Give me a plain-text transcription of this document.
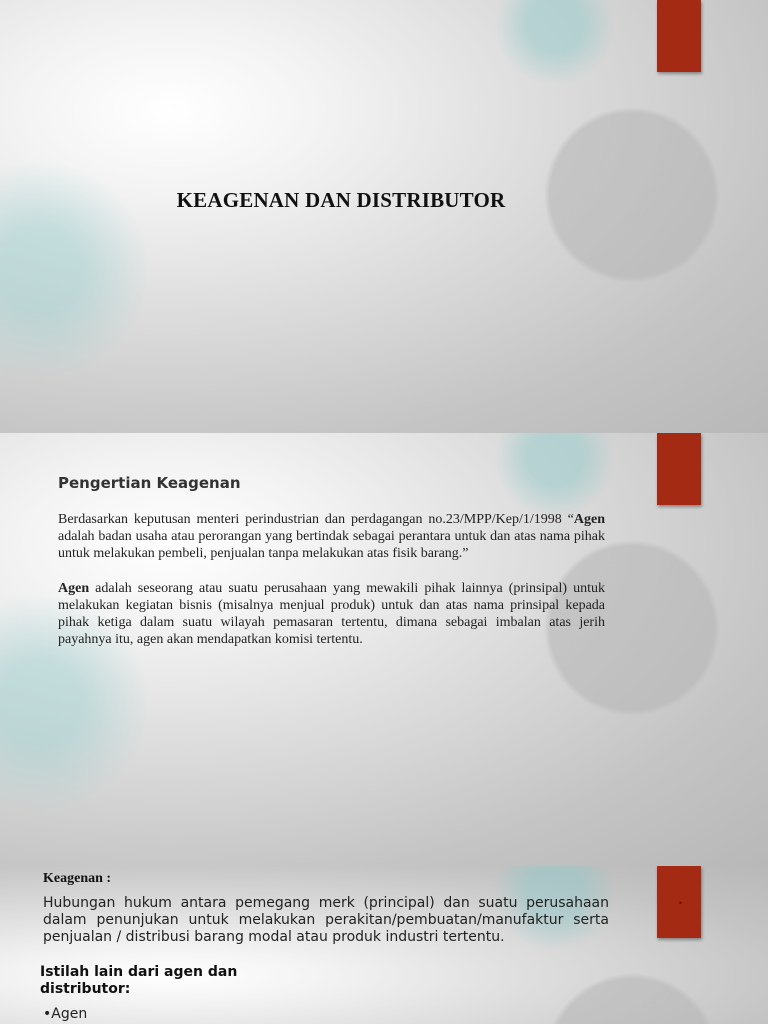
KEAGENAN DAN DISTRIBUTOR
Pengertian Keagenan

Berdasarkan keputusan menteri perindustrian dan perdagangan no.23/MPP/Kep/1/1998 “Agen adalah badan usaha atau perorangan yang bertindak sebagai perantara untuk dan atas nama pihak untuk melakukan pembeli, penjualan tanpa melakukan atas fisik barang.”

Agen adalah seseorang atau suatu perusahaan yang mewakili pihak lainnya (prinsipal) untuk melakukan kegiatan bisnis (misalnya menjual produk) untuk dan atas nama prinsipal kepada pihak ketiga dalam suatu wilayah pemasaran tertentu, dimana sebagai imbalan atas jerih payahnya itu, agen akan mendapatkan komisi tertentu.

•
Keagenan :

Hubungan hukum antara pemegang merk (principal) dan suatu perusahaan dalam penunjukan untuk melakukan perakitan/pembuatan/manufaktur serta penjualan / distribusi barang modal atau produk industri tertentu.

Istilah lain dari agen dan distributor:

•Agen
